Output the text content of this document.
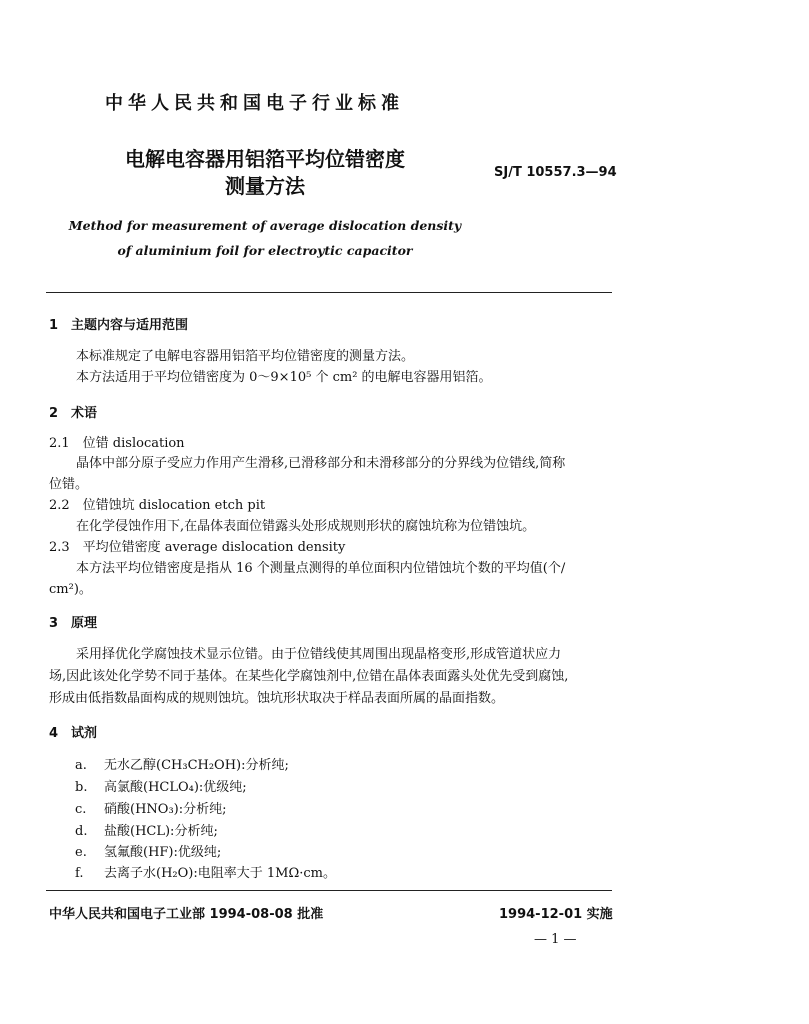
中华人民共和国电子行业标准
电解电容器用铝箔平均位错密度
测量方法
SJ/T 10557.3—94
Method for measurement of average dislocation density
of aluminium foil for electroytic capacitor
1　主题内容与适用范围
本标准规定了电解电容器用铝箔平均位错密度的测量方法。
本方法适用于平均位错密度为 0～9×10⁵ 个 cm² 的电解电容器用铝箔。
2　术语
2.1　位错 dislocation
晶体中部分原子受应力作用产生滑移,已滑移部分和未滑移部分的分界线为位错线,简称
位错。
2.2　位错蚀坑 dislocation etch pit
在化学侵蚀作用下,在晶体表面位错露头处形成规则形状的腐蚀坑称为位错蚀坑。
2.3　平均位错密度 average dislocation density
本方法平均位错密度是指从 16 个测量点测得的单位面积内位错蚀坑个数的平均值(个/
cm²)。
3　原理
采用择优化学腐蚀技术显示位错。由于位错线使其周围出现晶格变形,形成管道状应力
场,因此该处化学势不同于基体。在某些化学腐蚀剂中,位错在晶体表面露头处优先受到腐蚀,
形成由低指数晶面构成的规则蚀坑。蚀坑形状取决于样品表面所属的晶面指数。
4　试剂
a. 无水乙醇(CH₃CH₂OH):分析纯;
b. 高氯酸(HCLO₄):优级纯;
c. 硝酸(HNO₃):分析纯;
d. 盐酸(HCL):分析纯;
e. 氢氟酸(HF):优级纯;
f. 去离子水(H₂O):电阻率大于 1MΩ·cm。
中华人民共和国电子工业部 1994-08-08 批准	1994-12-01 实施
— 1 —
